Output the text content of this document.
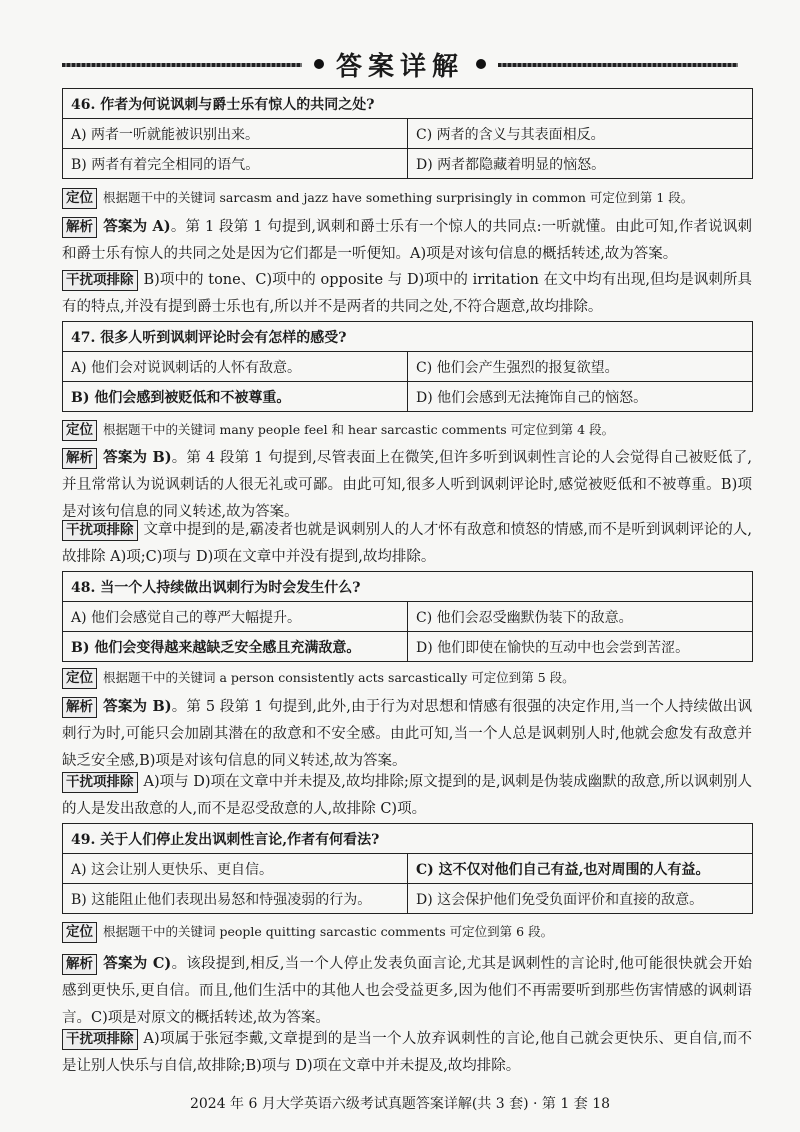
答案详解
46. 作者为何说讽刺与爵士乐有惊人的共同之处?	
A) 两者一听就能被识别出来。	C) 两者的含义与其表面相反。
B) 两者有着完全相同的语气。	D) 两者都隐藏着明显的恼怒。
定位 根据题干中的关键词 sarcasm and jazz have something surprisingly in common 可定位到第 1 段。
解析 答案为 A)。第 1 段第 1 句提到,讽刺和爵士乐有一个惊人的共同点:一听就懂。由此可知,作者说讽刺和爵士乐有惊人的共同之处是因为它们都是一听便知。A)项是对该句信息的概括转述,故为答案。
干扰项排除 B)项中的 tone、C)项中的 opposite 与 D)项中的 irritation 在文中均有出现,但均是讽刺所具有的特点,并没有提到爵士乐也有,所以并不是两者的共同之处,不符合题意,故均排除。
47. 很多人听到讽刺评论时会有怎样的感受?	
A) 他们会对说讽刺话的人怀有敌意。	C) 他们会产生强烈的报复欲望。
B) 他们会感到被贬低和不被尊重。	D) 他们会感到无法掩饰自己的恼怒。
定位 根据题干中的关键词 many people feel 和 hear sarcastic comments 可定位到第 4 段。
解析 答案为 B)。第 4 段第 1 句提到,尽管表面上在微笑,但许多听到讽刺性言论的人会觉得自己被贬低了,并且常常认为说讽刺话的人很无礼或可鄙。由此可知,很多人听到讽刺评论时,感觉被贬低和不被尊重。B)项是对该句信息的同义转述,故为答案。
干扰项排除 文章中提到的是,霸凌者也就是讽刺别人的人才怀有敌意和愤怒的情感,而不是听到讽刺评论的人,故排除 A)项;C)项与 D)项在文章中并没有提到,故均排除。
48. 当一个人持续做出讽刺行为时会发生什么?	
A) 他们会感觉自己的尊严大幅提升。	C) 他们会忍受幽默伪装下的敌意。
B) 他们会变得越来越缺乏安全感且充满敌意。	D) 他们即使在愉快的互动中也会尝到苦涩。
定位 根据题干中的关键词 a person consistently acts sarcastically 可定位到第 5 段。
解析 答案为 B)。第 5 段第 1 句提到,此外,由于行为对思想和情感有很强的决定作用,当一个人持续做出讽刺行为时,可能只会加剧其潜在的敌意和不安全感。由此可知,当一个人总是讽刺别人时,他就会愈发有敌意并缺乏安全感,B)项是对该句信息的同义转述,故为答案。
干扰项排除 A)项与 D)项在文章中并未提及,故均排除;原文提到的是,讽刺是伪装成幽默的敌意,所以讽刺别人的人是发出敌意的人,而不是忍受敌意的人,故排除 C)项。
49. 关于人们停止发出讽刺性言论,作者有何看法?	
A) 这会让别人更快乐、更自信。	C) 这不仅对他们自己有益,也对周围的人有益。
B) 这能阻止他们表现出易怒和恃强凌弱的行为。	D) 这会保护他们免受负面评价和直接的敌意。
定位 根据题干中的关键词 people quitting sarcastic comments 可定位到第 6 段。
解析 答案为 C)。该段提到,相反,当一个人停止发表负面言论,尤其是讽刺性的言论时,他可能很快就会开始感到更快乐,更自信。而且,他们生活中的其他人也会受益更多,因为他们不再需要听到那些伤害情感的讽刺语言。C)项是对原文的概括转述,故为答案。
干扰项排除 A)项属于张冠李戴,文章提到的是当一个人放弃讽刺性的言论,他自己就会更快乐、更自信,而不是让别人快乐与自信,故排除;B)项与 D)项在文章中并未提及,故均排除。
2024 年 6 月大学英语六级考试真题答案详解(共 3 套) · 第 1 套 18
